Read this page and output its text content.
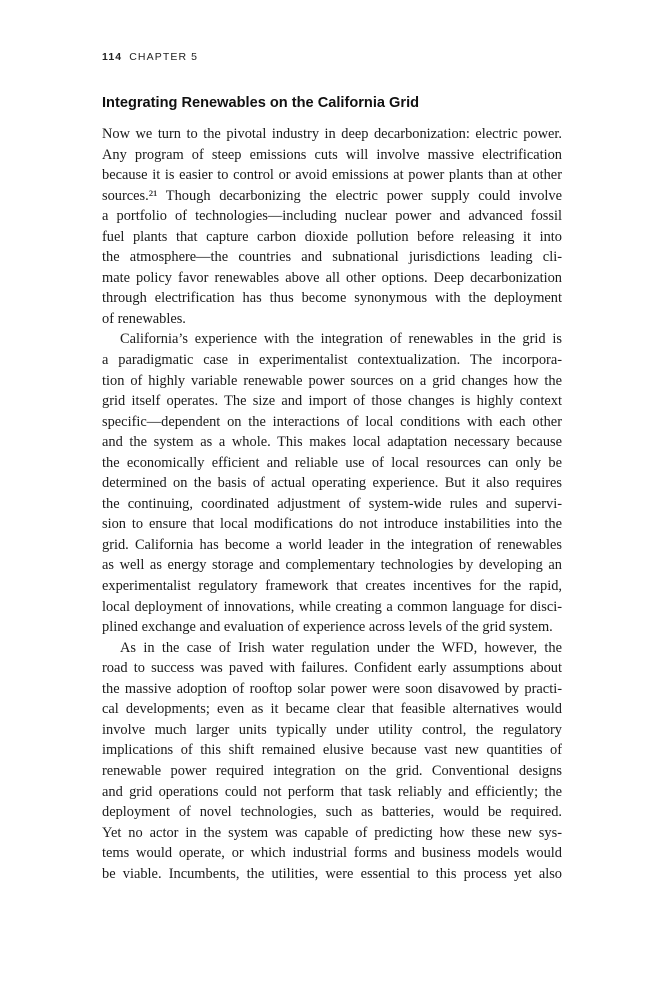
114 CHAPTER 5
Integrating Renewables on the California Grid

Now we turn to the pivotal industry in deep decarbonization: electric power.
Any program of steep emissions cuts will involve massive electrification
because it is easier to control or avoid emissions at power plants than at other
sources.²¹ Though decarbonizing the electric power supply could involve
a portfolio of technologies—including nuclear power and advanced fossil
fuel plants that capture carbon dioxide pollution before releasing it into
the atmosphere—the countries and subnational jurisdictions leading cli-
mate policy favor renewables above all other options. Deep decarbonization
through electrification has thus become synonymous with the deployment
of renewables.

California’s experience with the integration of renewables in the grid is
a paradigmatic case in experimentalist contextualization. The incorpora-
tion of highly variable renewable power sources on a grid changes how the
grid itself operates. The size and import of those changes is highly context
specific—dependent on the interactions of local conditions with each other
and the system as a whole. This makes local adaptation necessary because
the economically efficient and reliable use of local resources can only be
determined on the basis of actual operating experience. But it also requires
the continuing, coordinated adjustment of system-wide rules and supervi-
sion to ensure that local modifications do not introduce instabilities into the
grid. California has become a world leader in the integration of renewables
as well as energy storage and complementary technologies by developing an
experimentalist regulatory framework that creates incentives for the rapid,
local deployment of innovations, while creating a common language for disci-
plined exchange and evaluation of experience across levels of the grid system.

As in the case of Irish water regulation under the WFD, however, the
road to success was paved with failures. Confident early assumptions about
the massive adoption of rooftop solar power were soon disavowed by practi-
cal developments; even as it became clear that feasible alternatives would
involve much larger units typically under utility control, the regulatory
implications of this shift remained elusive because vast new quantities of
renewable power required integration on the grid. Conventional designs
and grid operations could not perform that task reliably and efficiently; the
deployment of novel technologies, such as batteries, would be required.
Yet no actor in the system was capable of predicting how these new sys-
tems would operate, or which industrial forms and business models would
be viable. Incumbents, the utilities, were essential to this process yet also
